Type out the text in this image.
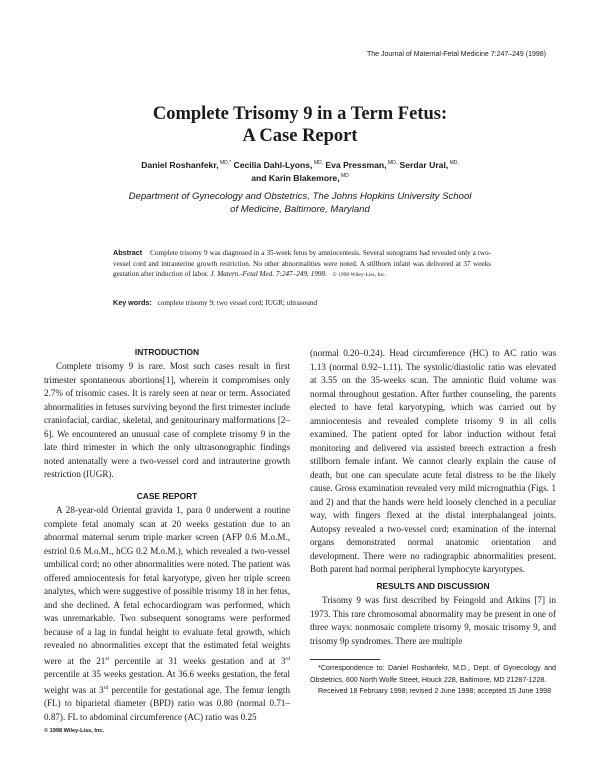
The Journal of Maternal-Fetal Medicine 7:247–249 (1998)
Complete Trisomy 9 in a Term Fetus:
A Case Report
Daniel Roshanfekr, $^{MD,*}$ Cecilia Dahl-Lyons, $^{MD,}$ Eva Pressman, $^{MD,}$ Serdar Ural, $^{MD,}$
and Karin Blakemore, $^{MD}$
Department of Gynecology and Obstetrics, The Johns Hopkins University School
of Medicine, Baltimore, Maryland
Abstract Complete trisomy 9 was diagnosed in a 35-week fetus by amniocentesis. Several sonograms had revealed only a two-vessel cord and intrauterine growth restriction. No other abnormalities were noted. A stillborn infant was delivered at 37 weeks gestation after induction of labor. J. Matern.-Fetal Med. 7:247–249, 1998. © 1998 Wiley-Liss, Inc.
Key words: complete trisomy 9; two vessel cord; IUGR; ultrasound
INTRODUCTION

Complete trisomy 9 is rare. Most such cases result in first trimester spontaneous abortions[1], wherein it compromises only 2.7% of trisomic cases. It is rarely seen at near or term. Associated abnormalities in fetuses surviving beyond the first trimester include craniofacial, cardiac, skeletal, and genitourinary malformations [2–6]. We encountered an unusual case of complete trisomy 9 in the late third trimester in which the only ultrasonographic findings noted antenatally were a two-vessel cord and intrauterine growth restriction (IUGR).

CASE REPORT

A 28-year-old Oriental gravida 1, para 0 underwent a routine complete fetal anomaly scan at 20 weeks gestation due to an abnormal maternal serum triple marker screen (AFP 0.6 M.o.M., estriol 0.6 M.o.M., hCG 0.2 M.o.M.), which revealed a two-vessel umbilical cord; no other abnormalities were noted. The patient was offered amniocentesis for fetal karyotype, given her triple screen analytes, which were suggestive of possible trisomy 18 in her fetus, and she declined. A fetal echocardiogram was performed, which was unremarkable. Two subsequent sonograms were performed because of a lag in fundal height to evaluate fetal growth, which revealed no abnormalities except that the estimated fetal weights were at the 21st percentile at 31 weeks gestation and at 3rd percentile at 35 weeks gestation. At 36.6 weeks gestation, the fetal weight was at 3rd percentile for gestational age. The femur length (FL) to biparietal diameter (BPD) ratio was 0.80 (normal 0.71–0.87). FL to abdominal circumference (AC) ratio was 0.25

(normal 0.20–0.24). Head circumference (HC) to AC ratio was 1.13 (normal 0.92–1.11). The systolic/diastolic ratio was elevated at 3.55 on the 35-weeks scan. The amniotic fluid volume was normal throughout gestation. After further counseling, the parents elected to have fetal karyotyping, which was carried out by amniocentesis and revealed complete trisomy 9 in all cells examined. The patient opted for labor induction without fetal monitoring and delivered via assisted breech extraction a fresh stillborn female infant. We cannot clearly explain the cause of death, but one can speculate acute fetal distress to be the likely cause. Gross examination revealed very mild micrognathia (Figs. 1 and 2) and that the hands were held loosely clenched in a peculiar way, with fingers flexed at the distal interphalangeal joints. Autopsy revealed a two-vessel cord; examination of the internal organs demonstrated normal anatomic orientation and development. There were no radiographic abnormalities present. Both parent had normal peripheral lymphocyte karyotypes.

RESULTS AND DISCUSSION

Trisomy 9 was first described by Feingold and Atkins [7] in 1973. This rare chromosomal abnormality may be present in one of three ways: nonmosaic complete trisomy 9, mosaic trisomy 9, and trisomy 9p syndromes. There are multiple

*Correspondence to: Daniel Roshanfekr, M.D., Dept. of Gynecology and Obstetrics, 600 North Wolfe Street, Houck 228, Baltimore, MD 21287-1228.

Received 18 February 1998; revised 2 June 1998; accepted 15 June 1998

© 1998 Wiley-Liss, Inc.
